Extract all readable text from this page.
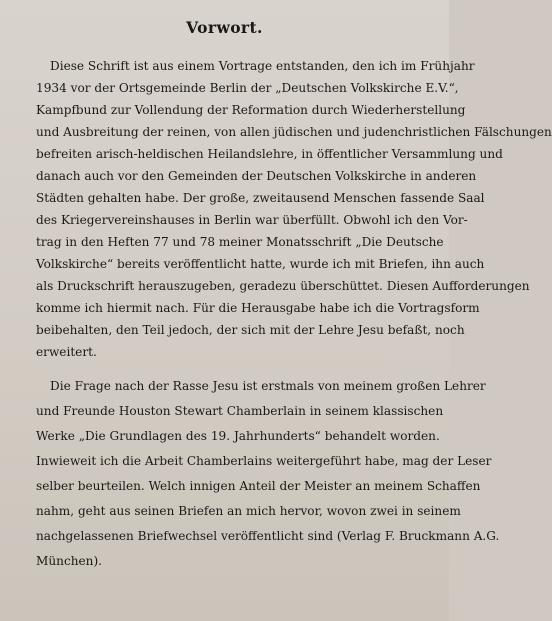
Vorwort.
Diese Schrift ist aus einem Vortrage entstanden, den ich im Frühjahr
1934 vor der Ortsgemeinde Berlin der „Deutschen Volkskirche E.V.“,
Kampfbund zur Vollendung der Reformation durch Wiederherstellung
und Ausbreitung der reinen, von allen jüdischen und judenchristlichen Fälschungen
befreiten arisch-heldischen Heilandslehre, in öffentlicher Versammlung und
danach auch vor den Gemeinden der Deutschen Volkskirche in anderen
Städten gehalten habe. Der große, zweitausend Menschen fassende Saal
des Kriegervereinshauses in Berlin war überfüllt. Obwohl ich den Vor-
trag in den Heften 77 und 78 meiner Monatsschrift „Die Deutsche
Volkskirche“ bereits veröffentlicht hatte, wurde ich mit Briefen, ihn auch
als Druckschrift herauszugeben, geradezu überschüttet. Diesen Aufforderungen
komme ich hiermit nach. Für die Herausgabe habe ich die Vortragsform
beibehalten, den Teil jedoch, der sich mit der Lehre Jesu befaßt, noch
erweitert.
Die Frage nach der Rasse Jesu ist erstmals von meinem großen Lehrer
und Freunde Houston Stewart Chamberlain in seinem klassischen
Werke „Die Grundlagen des 19. Jahrhunderts“ behandelt worden.
Inwieweit ich die Arbeit Chamberlains weitergeführt habe, mag der Leser
selber beurteilen. Welch innigen Anteil der Meister an meinem Schaffen
nahm, geht aus seinen Briefen an mich hervor, wovon zwei in seinem
nachgelassenen Briefwechsel veröffentlicht sind (Verlag F. Bruckmann A.G.
München).
